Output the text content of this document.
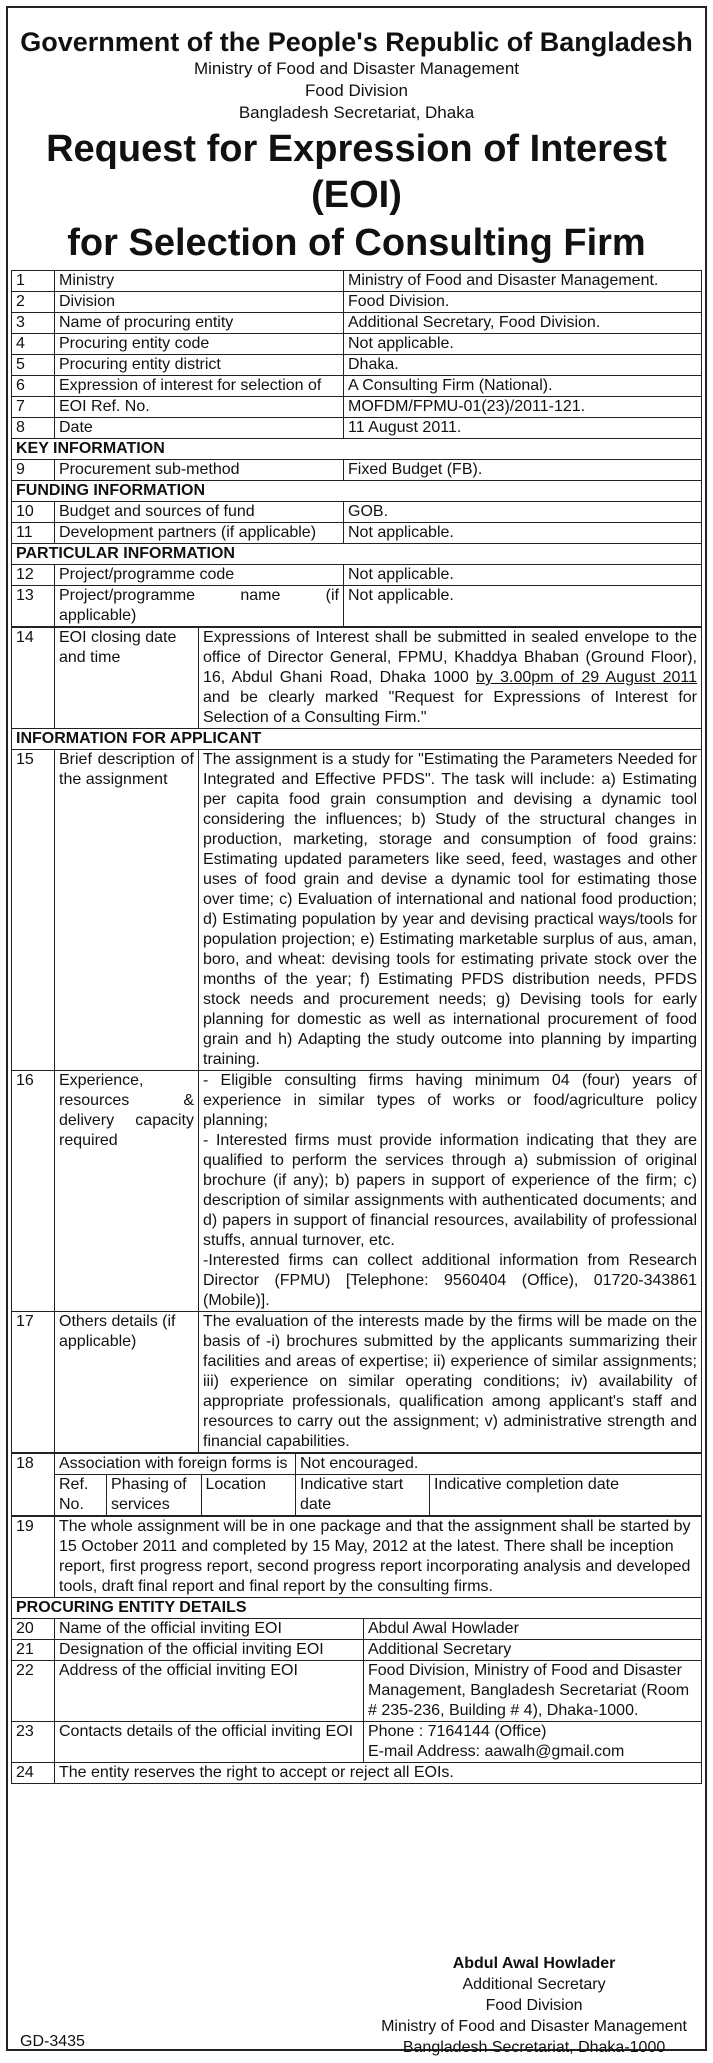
Government of the People's Republic of Bangladesh
Ministry of Food and Disaster Management
Food Division
Bangladesh Secretariat, Dhaka
Request for Expression of Interest (EOI)
for Selection of Consulting Firm
1	Ministry	Ministry of Food and Disaster Management.
2	Division	Food Division.
3	Name of procuring entity	Additional Secretary, Food Division.
4	Procuring entity code	Not applicable.
5	Procuring entity district	Dhaka.
6	Expression of interest for selection of	A Consulting Firm (National).
7	EOI Ref. No.	MOFDM/FPMU-01(23)/2011-121.
8	Date	11 August 2011.
KEY INFORMATION		
9	Procurement sub-method	Fixed Budget (FB).
FUNDING INFORMATION		
10	Budget and sources of fund	GOB.
11	Development partners (if applicable)	Not applicable.
PARTICULAR INFORMATION		
12	Project/programme code	Not applicable.
13	Project/programme name (if applicable)	Not applicable.
14	EOI closing date and time	Expressions of Interest shall be submitted in sealed envelope to the office of Director General, FPMU, Khaddya Bhaban (Ground Floor), 16, Abdul Ghani Road, Dhaka 1000 by 3.00pm of 29 August 2011 and be clearly marked "Request for Expressions of Interest for Selection of a Consulting Firm."
INFORMATION FOR APPLICANT		
15	Brief description of the assignment	The assignment is a study for "Estimating the Parameters Needed for Integrated and Effective PFDS". The task will include: a) Estimating per capita food grain consumption and devising a dynamic tool considering the influences; b) Study of the structural changes in production, marketing, storage and consumption of food grains: Estimating updated parameters like seed, feed, wastages and other uses of food grain and devise a dynamic tool for estimating those over time; c) Evaluation of international and national food production; d) Estimating population by year and devising practical ways/tools for population projection; e) Estimating marketable surplus of aus, aman, boro, and wheat: devising tools for estimating private stock over the months of the year; f) Estimating PFDS distribution needs, PFDS stock needs and procurement needs; g) Devising tools for early planning for domestic as well as international procurement of food grain and h) Adapting the study outcome into planning by imparting training.
16	Experience, resources & delivery capacity required	- Eligible consulting firms having minimum 04 (four) years of experience in similar types of works or food/agriculture policy planning;
- Interested firms must provide information indicating that they are qualified to perform the services through a) submission of original brochure (if any); b) papers in support of experience of the firm; c) description of similar assignments with authenticated documents; and d) papers in support of financial resources, availability of professional stuffs, annual turnover, etc.
-Interested firms can collect additional information from Research Director (FPMU) [Telephone: 9560404 (Office), 01720-343861 (Mobile)].

17	Others details (if applicable)	The evaluation of the interests made by the firms will be made on the basis of -i) brochures submitted by the applicants summarizing their facilities and areas of expertise; ii) experience of similar assignments; iii) experience on similar operating conditions; iv) availability of appropriate professionals, qualification among applicant's staff and resources to carry out the assignment; v) administrative strength and financial capabilities.
18	Association with foreign forms is			Not encouraged.	
	Ref. No.	Phasing of services	Location	Indicative start date	Indicative completion date
19	The whole assignment will be in one package and that the assignment shall be started by 15 October 2011 and completed by 15 May, 2012 at the latest. There shall be inception report, first progress report, second progress report incorporating analysis and developed tools, draft final report and final report by the consulting firms.	
PROCURING ENTITY DETAILS		
20	Name of the official inviting EOI	Abdul Awal Howlader
21	Designation of the official inviting EOI	Additional Secretary
22	Address of the official inviting EOI	Food Division, Ministry of Food and Disaster Management, Bangladesh Secretariat (Room # 235-236, Building # 4), Dhaka-1000.
23	Contacts details of the official inviting EOI	Phone : 7164144 (Office)
E-mail Address: aawalh@gmail.com

24	The entity reserves the right to accept or reject all EOIs.	
Abdul Awal Howlader
Additional Secretary
Food Division
Ministry of Food and Disaster Management
Bangladesh Secretariat, Dhaka-1000
GD-3435
